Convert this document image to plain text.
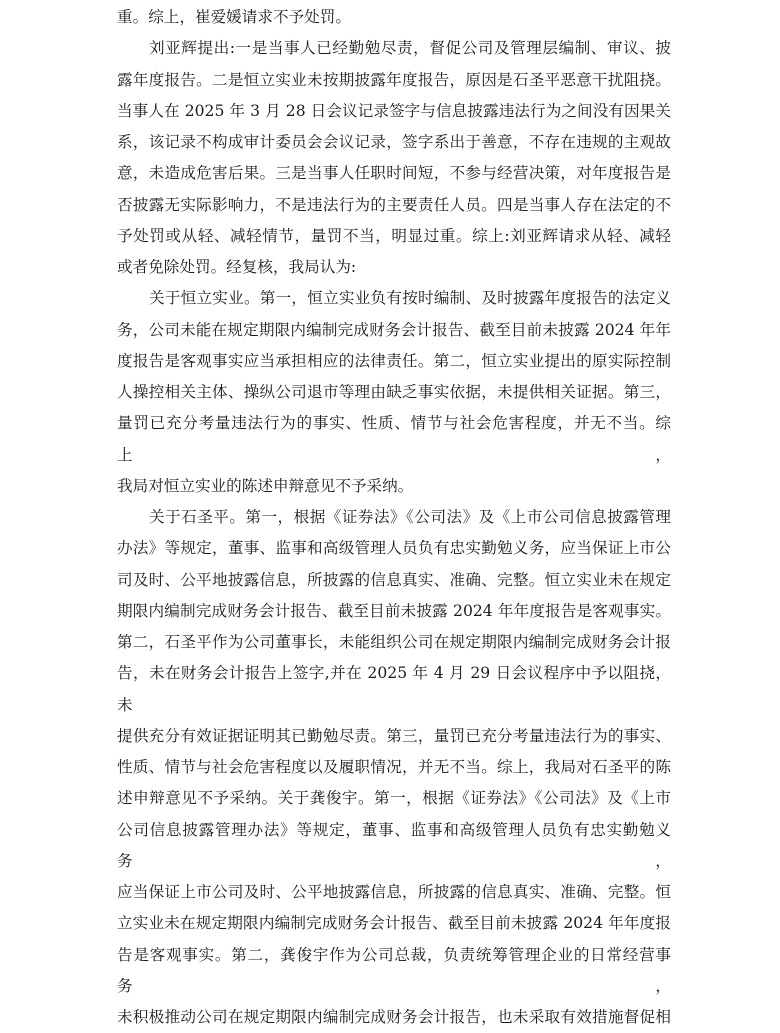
重。综上，崔爱媛请求不予处罚。

刘亚辉提出:一是当事人已经勤勉尽责，督促公司及管理层编制、审议、披

露年度报告。二是恒立实业未按期披露年度报告，原因是石圣平恶意干扰阻挠。

当事人在 2025 年 3 月 28 日会议记录签字与信息披露违法行为之间没有因果关

系，该记录不构成审计委员会会议记录，签字系出于善意，不存在违规的主观故

意，未造成危害后果。三是当事人任职时间短，不参与经营决策，对年度报告是

否披露无实际影响力，不是违法行为的主要责任人员。四是当事人存在法定的不

予处罚或从轻、减轻情节，量罚不当，明显过重。综上:刘亚辉请求从轻、减轻

或者免除处罚。经复核，我局认为:

关于恒立实业。第一，恒立实业负有按时编制、及时披露年度报告的法定义

务，公司未能在规定期限内编制完成财务会计报告、截至目前未披露 2024 年年

度报告是客观事实应当承担相应的法律责任。第二，恒立实业提出的原实际控制

人操控相关主体、操纵公司退市等理由缺乏事实依据，未提供相关证据。第三，

量罚已充分考量违法行为的事实、性质、情节与社会危害程度，并无不当。综上，

我局对恒立实业的陈述申辩意见不予采纳。

关于石圣平。第一，根据《证券法》《公司法》及《上市公司信息披露管理

办法》等规定，董事、监事和高级管理人员负有忠实勤勉义务，应当保证上市公

司及时、公平地披露信息，所披露的信息真实、准确、完整。恒立实业未在规定

期限内编制完成财务会计报告、截至目前未披露 2024 年年度报告是客观事实。

第二，石圣平作为公司董事长，未能组织公司在规定期限内编制完成财务会计报

告，未在财务会计报告上签字,并在 2025 年 4 月 29 日会议程序中予以阻挠，未

提供充分有效证据证明其已勤勉尽责。第三，量罚已充分考量违法行为的事实、

性质、情节与社会危害程度以及履职情况，并无不当。综上，我局对石圣平的陈

述申辩意见不予采纳。关于龚俊宇。第一，根据《证券法》《公司法》及《上市

公司信息披露管理办法》等规定，董事、监事和高级管理人员负有忠实勤勉义务，

应当保证上市公司及时、公平地披露信息，所披露的信息真实、准确、完整。恒

立实业未在规定期限内编制完成财务会计报告、截至目前未披露 2024 年年度报

告是客观事实。第二，龚俊宇作为公司总裁，负责统筹管理企业的日常经营事务，

未积极推动公司在规定期限内编制完成财务会计报告，也未采取有效措施督促相
